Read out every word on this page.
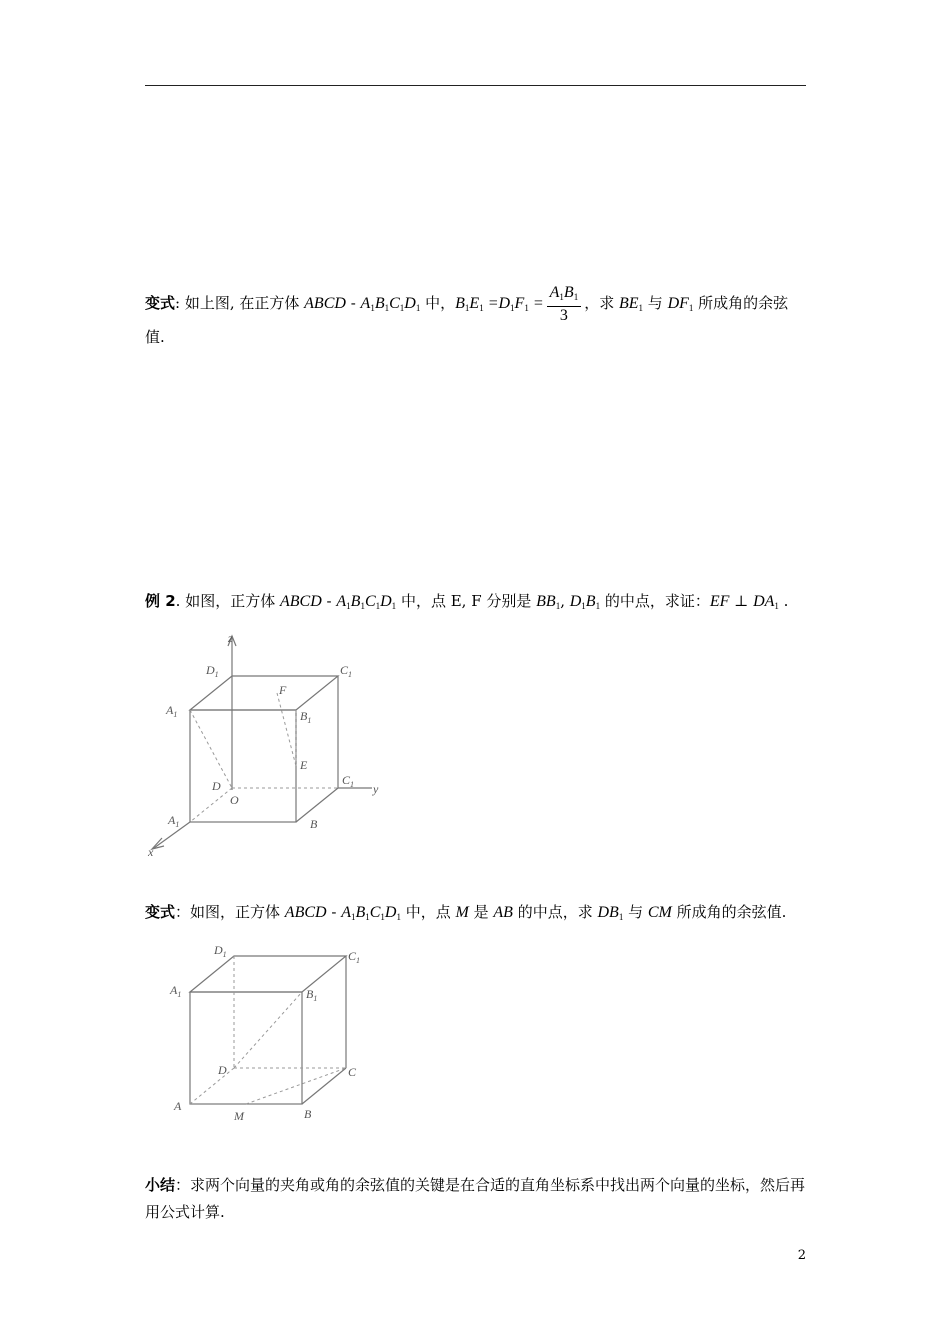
变式: 如上图, 在正方体 ABCD - $A_1B_1C_1D_1$ 中，$B_1E_1 =D_1F_1 = \frac{A_1B_1}{3}$ ，求 $BE_1$ 与 $DF_1$ 所成角的余弦值.
例 2. 如图，正方体 ABCD - $A_1B_1C_1D_1$ 中，点 E, F 分别是 $BB_1$, $D_1B_1$ 的中点，求证：EF ⊥ $DA_1$ .
z
y
x
$D_1$	$C_1$
$A_1$	$B_1$
F
E
D
O
$C_1$
$A_1$	B
变式：如图，正方体 ABCD - $A_1B_1C_1D_1$ 中，点 M 是 AB 的中点，求 $DB_1$ 与 CM 所成角的余弦值.
$D_1$	$C_1$
$A_1$	$B_1$
D	C
A
M	B
小结：求两个向量的夹角或角的余弦值的关键是在合适的直角坐标系中找出两个向量的坐标，然后再用公式计算.
2
